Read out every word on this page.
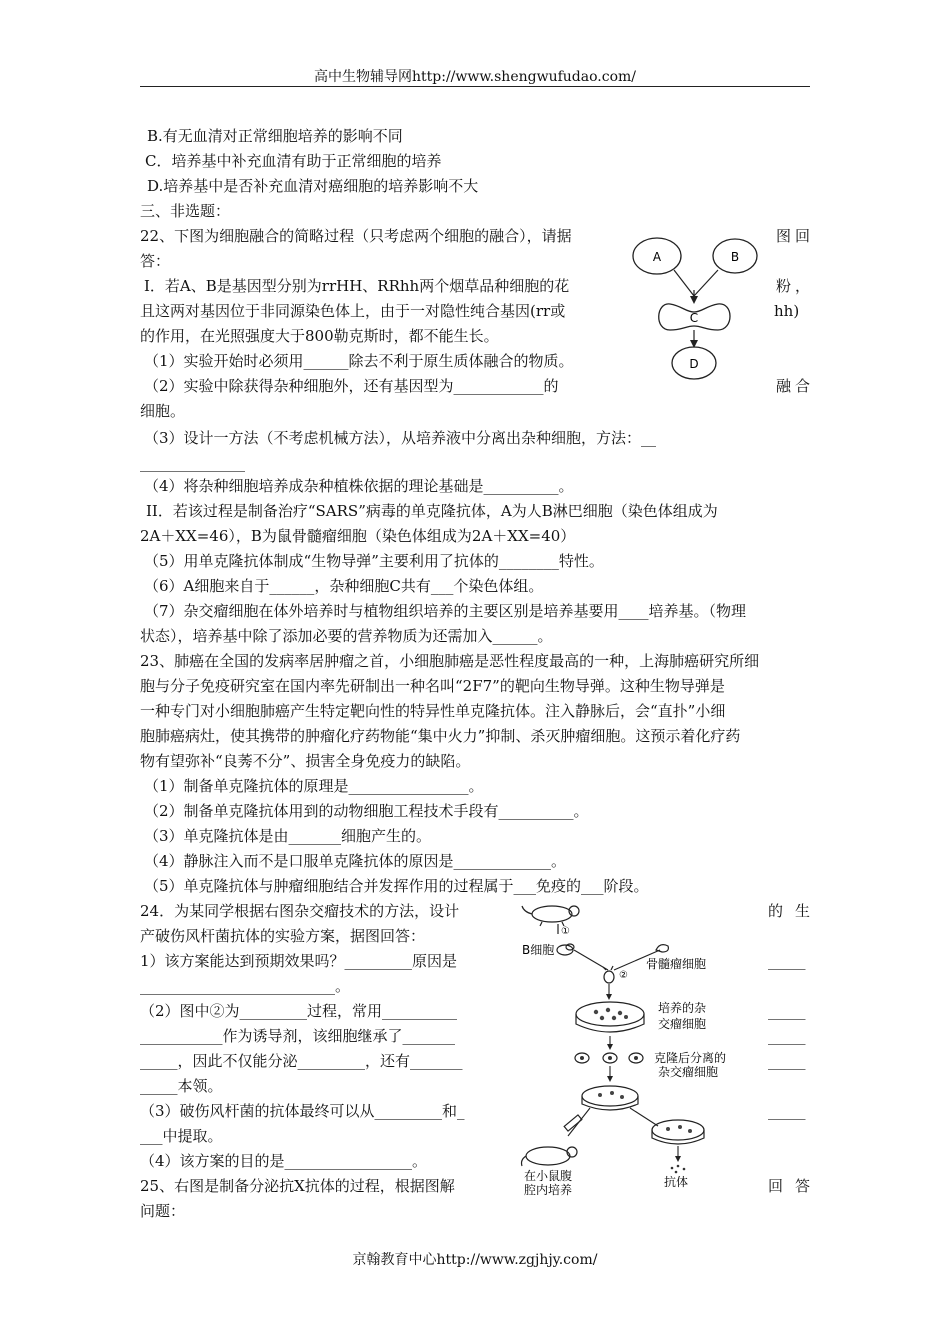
高中生物辅导网http://www.shengwufudao.com/
B.有无血清对正常细胞培养的影响不同
C．培养基中补充血清有助于正常细胞的培养
D.培养基中是否补充血清对癌细胞的培养影响不大
三、非选题：
22、下图为细胞融合的简略过程（只考虑两个细胞的融合），请据	图回
答：
I．若A、B是基因型分别为rrHH、RRhh两个烟草品种细胞的花	粉，
且这两对基因位于非同源染色体上，由于一对隐性纯合基因(rr或	hh)
的作用，在光照强度大于800勒克斯时，都不能生长。
（1）实验开始时必须用______除去不利于原生质体融合的物质。
（2）实验中除获得杂种细胞外，还有基因型为____________的	融合
细胞。
（3）设计一方法（不考虑机械方法），从培养液中分离出杂种细胞，方法：__
______________
（4）将杂种细胞培养成杂种植株依据的理论基础是__________。
II．若该过程是制备治疗“SARS”病毒的单克隆抗体，A为人B淋巴细胞（染色体组成为
2A＋XX=46），B为鼠骨髓瘤细胞（染色体组成为2A＋XX=40）
（5）用单克隆抗体制成“生物导弹”主要利用了抗体的________特性。
（6）A细胞来自于______，杂种细胞C共有___个染色体组。
（7）杂交瘤细胞在体外培养时与植物组织培养的主要区别是培养基要用____培养基。（物理
状态），培养基中除了添加必要的营养物质为还需加入______。
23、肺癌在全国的发病率居肿瘤之首，小细胞肺癌是恶性程度最高的一种，上海肺癌研究所细
胞与分子免疫研究室在国内率先研制出一种名叫“2F7”的靶向生物导弹。这种生物导弹是
一种专门对小细胞肺癌产生特定靶向性的特异性单克隆抗体。注入静脉后，会“直扑”小细
胞肺癌病灶，使其携带的肿瘤化疗药物能“集中火力”抑制、杀灭肿瘤细胞。这预示着化疗药
物有望弥补“良莠不分”、损害全身免疫力的缺陷。
（1）制备单克隆抗体的原理是________________。
（2）制备单克隆抗体用到的动物细胞工程技术手段有__________。
（3）单克隆抗体是由_______细胞产生的。
（4）静脉注入而不是口服单克隆抗体的原因是_____________。
（5）单克隆抗体与肿瘤细胞结合并发挥作用的过程属于___免疫的___阶段。
24．为某同学根据右图杂交瘤技术的方法，设计	的生
产破伤风杆菌抗体的实验方案，据图回答：
1）该方案能达到预期效果吗？_________原因是	_____
__________________________。
（2）图中②为_________过程，常用__________	_____
___________作为诱导剂，该细胞继承了_______	_____
_____，因此不仅能分泌_________，还有_______	_____
_____本领。
（3）破伤风杆菌的抗体最终可以从_________和_	_____
___中提取。
（4）该方案的目的是_________________。
25、右图是制备分泌抗X抗体的过程，根据图解	回答
问题：
A	B
C
D
①
B细胞
骨髓瘤细胞
②
培养的杂
交瘤细胞
克隆后分离的
杂交瘤细胞
在小鼠腹
腔内培养
抗体
京翰教育中心http://www.zgjhjy.com/
